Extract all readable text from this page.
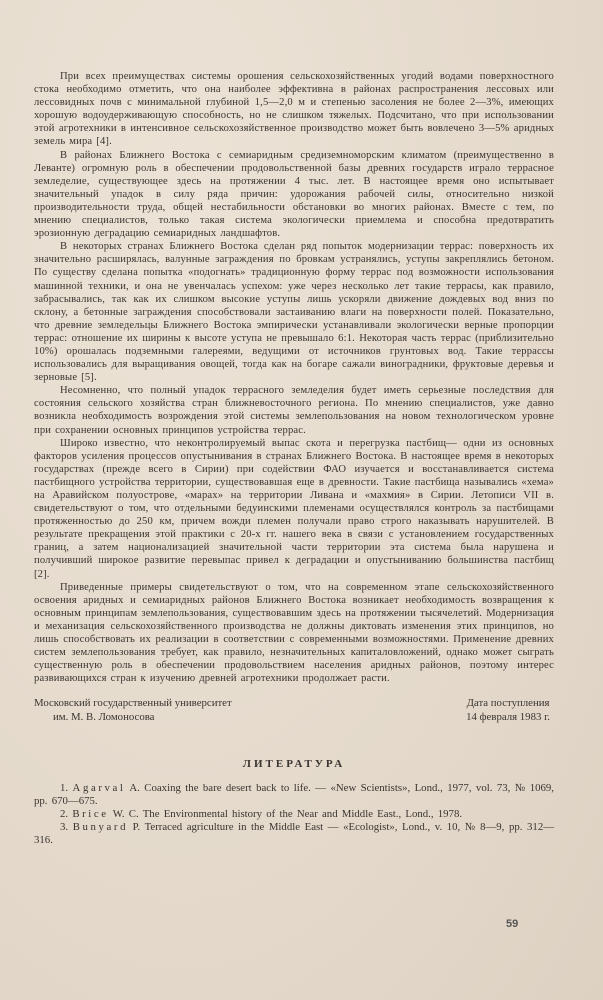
При всех преимуществах системы орошения сельскохозяйственных угодий водами поверхностного стока необходимо отметить, что она наиболее эффективна в районах распространения лессовых или лессовидных почв с минимальной глубиной 1,5—2,0 м и степенью засоления не более 2—3%, имеющих хорошую водоудерживающую способность, но не слишком тяжелых. Подсчитано, что при использовании этой агротехники в интенсивное сельскохозяйственное производство может быть вовлечено 3—5% аридных земель мира [4].

В районах Ближнего Востока с семиаридным средиземноморским климатом (преимущественно в Леванте) огромную роль в обеспечении продовольственной базы древних государств играло террасное земледелие, существующее здесь на протяжении 4 тыс. лет. В настоящее время оно испытывает значительный упадок в силу ряда причин: удорожания рабочей силы, относительно низкой производительности труда, общей нестабильности обстановки во многих районах. Вместе с тем, по мнению специалистов, только такая система экологически приемлема и способна предотвратить эрозионную деградацию семиаридных ландшафтов.

В некоторых странах Ближнего Востока сделан ряд попыток модернизации террас: поверхность их значительно расширялась, валунные заграждения по бровкам устранялись, уступы закреплялись бетоном. По существу сделана попытка «подогнать» традиционную форму террас под возможности использования машинной техники, и она не увенчалась успехом: уже через несколько лет такие террасы, как правило, забрасывались, так как их слишком высокие уступы лишь ускоряли движение дождевых вод вниз по склону, а бетонные заграждения способствовали застаиванию влаги на поверхности полей. Показательно, что древние земледельцы Ближнего Востока эмпирически устанавливали экологически верные пропорции террас: отношение их ширины к высоте уступа не превышало 6:1. Некоторая часть террас (приблизительно 10%) орошалась подземными галереями, ведущими от источников грунтовых вод. Такие террассы использовались для выращивания овощей, тогда как на богаре сажали виноградники, фруктовые деревья и зерновые [5].

Несомненно, что полный упадок террасного земледелия будет иметь серьезные последствия для состояния сельского хозяйства стран ближневосточного региона. По мнению специалистов, уже давно возникла необходимость возрождения этой системы землепользования на новом технологическом уровне при сохранении основных принципов устройства террас.

Широко известно, что неконтролируемый выпас скота и перегрузка пастбищ— одни из основных факторов усиления процессов опустынивания в странах Ближнего Востока. В настоящее время в некоторых государствах (прежде всего в Сирии) при содействии ФАО изучается и восстанавливается система пастбищного устройства территории, существовавшая еще в древности. Такие пастбища назывались «хема» на Аравийском полуострове, «марах» на территории Ливана и «махмия» в Сирии. Летописи VII в. свидетельствуют о том, что отдельными бедуинскими племенами осуществлялся контроль за пастбищами протяженностью до 250 км, причем вожди племен получали право строго наказывать нарушителей. В результате прекращения этой практики с 20-х гг. нашего века в связи с установлением государственных границ, а затем национализацией значительной части территории эта система была нарушена и получивший широкое развитие перевыпас привел к деградации и опустыниванию большинства пастбищ [2].

Приведенные примеры свидетельствуют о том, что на современном этапе сельскохозяйственного освоения аридных и семиаридных районов Ближнего Востока возникает необходимость возвращения к основным принципам землепользования, существовавшим здесь на протяжении тысячелетий. Модернизация и механизация сельскохозяйственного производства не должны диктовать изменения этих принципов, но лишь способствовать их реализации в соответствии с современными возможностями. Применение древних систем землепользования требует, как правило, незначительных капиталовложений, однако может сыграть существенную роль в обеспечении продовольствием населения аридных районов, поэтому интерес развивающихся стран к изучению древней агротехники продолжает расти.

Московский государственный университет
им. М. В. Ломоносова
Дата поступления
14 февраля 1983 г.
ЛИТЕРАТУРА

1. Agarval A. Coaxing the bare desert back to life. — «New Scientists», Lond., 1977, vol. 73, № 1069, pp. 670—675.

2. Brice W. C. The Environmental history of the Near and Middle East., Lond., 1978.

3. Bunyard P. Terraced agriculture in the Middle East — «Ecologist», Lond., v. 10, № 8—9, pp. 312—316.

59
